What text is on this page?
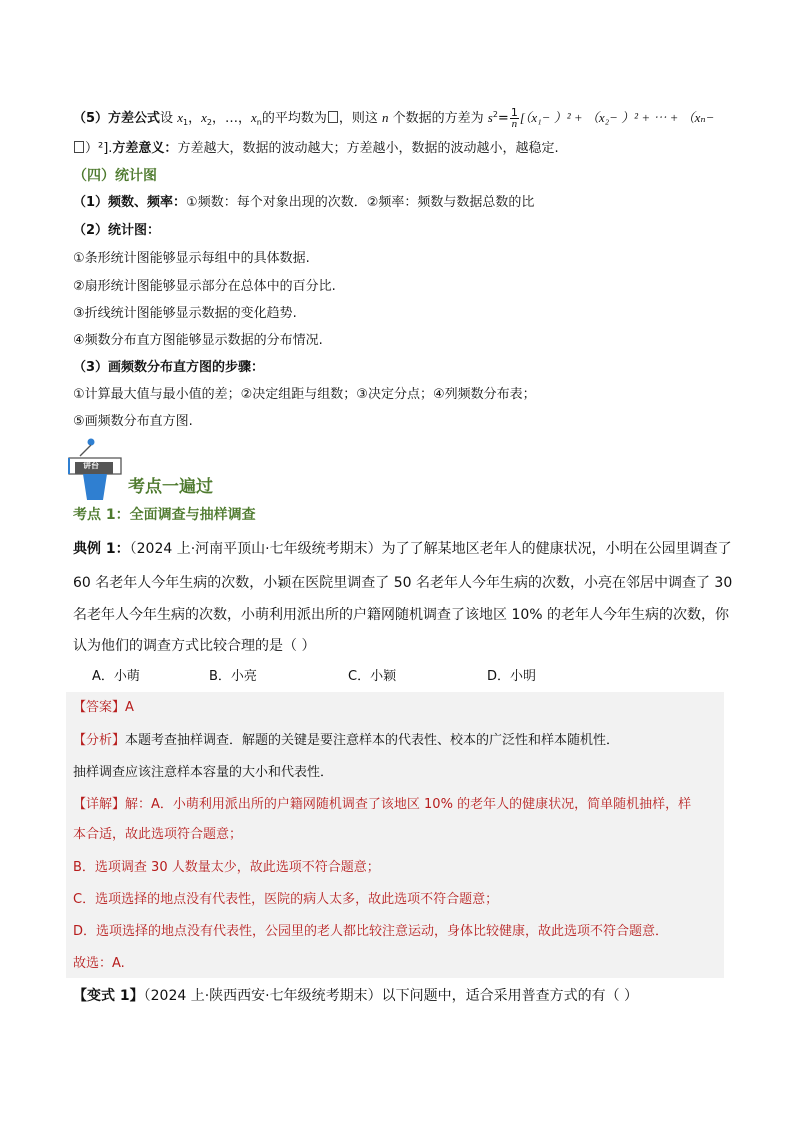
（5）方差公式设 $x_1$，$x_2$，…，$x_n$的平均数为 ，则这 n 个数据的方差为 $s^2= \frac{1}{n} [(x_1- )^2 + (x_2- )^2$ + ⋯ + （xₙ−
）²].方差意义：方差越大，数据的波动越大；方差越小，数据的波动越小，越稳定.
（四）统计图
（1）频数、频率：①频数：每个对象出现的次数．②频率：频数与数据总数的比
（2）统计图：
①条形统计图能够显示每组中的具体数据.
②扇形统计图能够显示部分在总体中的百分比.
③折线统计图能够显示数据的变化趋势.
④频数分布直方图能够显示数据的分布情况.
（3）画频数分布直方图的步骤：
①计算最大值与最小值的差；②决定组距与组数；③决定分点；④列频数分布表；
⑤画频数分布直方图.
讲台
考点一遍过
考点 1：全面调查与抽样调查
典例 1：（2024 上·河南平顶山·七年级统考期末）为了了解某地区老年人的健康状况，小明在公园里调查了
60 名老年人今年生病的次数，小颖在医院里调查了 50 名老年人今年生病的次数，小亮在邻居中调查了 30
名老年人今年生病的次数，小萌利用派出所的户籍网随机调查了该地区 10% 的老年人今年生病的次数，你
认为他们的调查方式比较合理的是（ ）
A．小萌	B．小亮	C．小颖	D．小明
【答案】A
【分析】本题考查抽样调查．解题的关键是要注意样本的代表性、校本的广泛性和样本随机性．
抽样调查应该注意样本容量的大小和代表性．
【详解】解：A．小萌利用派出所的户籍网随机调查了该地区 10% 的老年人的健康状况，简单随机抽样，样
本合适，故此选项符合题意；
B．选项调查 30 人数量太少，故此选项不符合题意；
C．选项选择的地点没有代表性，医院的病人太多，故此选项不符合题意；
D．选项选择的地点没有代表性，公园里的老人都比较注意运动，身体比较健康，故此选项不符合题意．
故选：A.
【变式 1】（2024 上·陕西西安·七年级统考期末）以下问题中，适合采用普查方式的有（ ）
